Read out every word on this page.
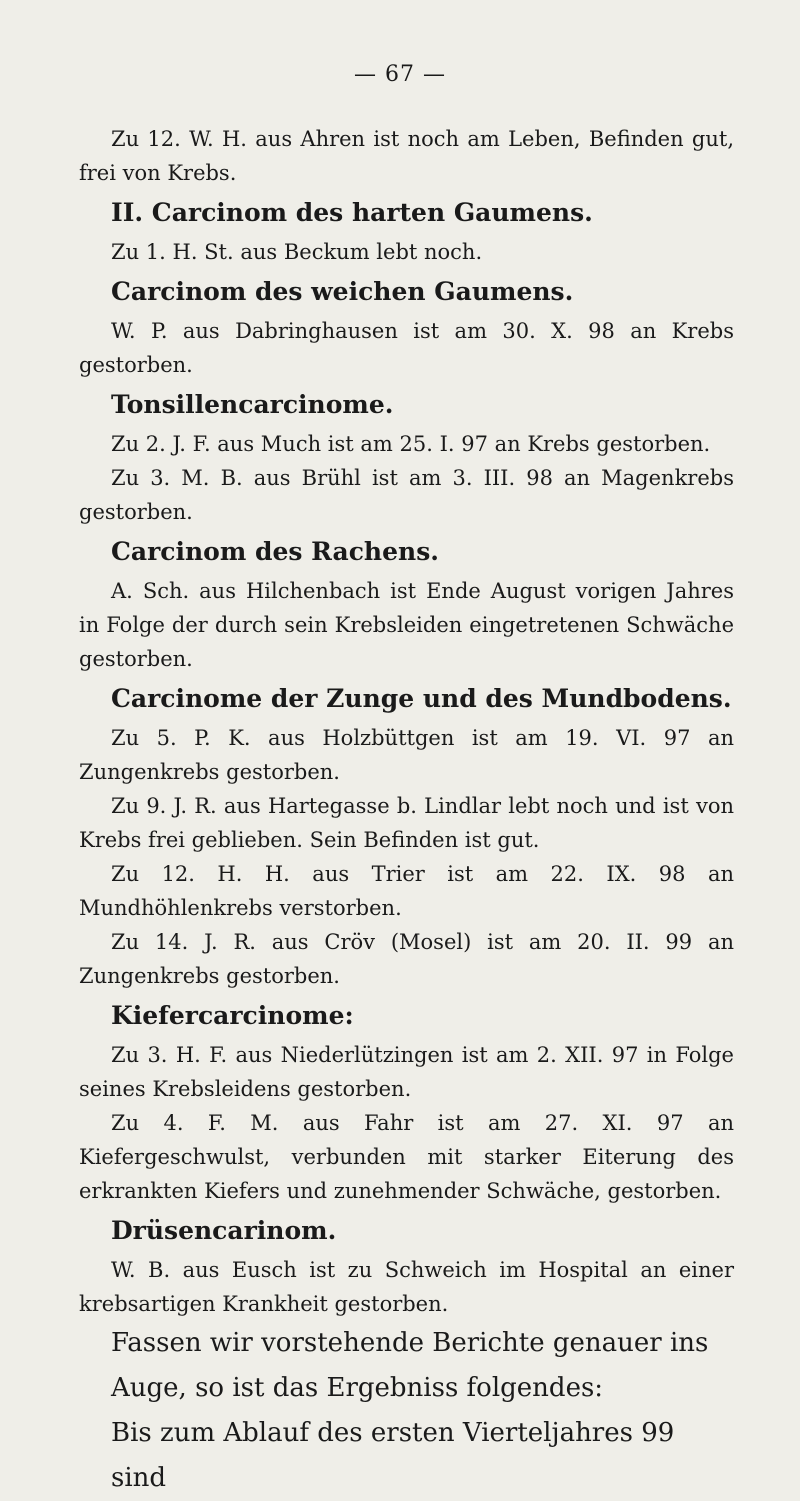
— 67 —

Zu 12. W. H. aus Ahren ist noch am Leben, Befinden gut, frei von Krebs.

II. Carcinom des harten Gaumens.

Zu 1. H. St. aus Beckum lebt noch.

Carcinom des weichen Gaumens.

W. P. aus Dabringhausen ist am 30. X. 98 an Krebs gestorben.

Tonsillencarcinome.

Zu 2. J. F. aus Much ist am 25. I. 97 an Krebs gestorben.

Zu 3. M. B. aus Brühl ist am 3. III. 98 an Magenkrebs gestorben.

Carcinom des Rachens.

A. Sch. aus Hilchenbach ist Ende August vorigen Jahres in Folge der durch sein Krebsleiden eingetretenen Schwäche gestorben.

Carcinome der Zunge und des Mundbodens.

Zu 5. P. K. aus Holzbüttgen ist am 19. VI. 97 an Zungenkrebs gestorben.

Zu 9. J. R. aus Hartegasse b. Lindlar lebt noch und ist von Krebs frei geblieben. Sein Befinden ist gut.

Zu 12. H. H. aus Trier ist am 22. IX. 98 an Mundhöhlenkrebs verstorben.

Zu 14. J. R. aus Cröv (Mosel) ist am 20. II. 99 an Zungenkrebs gestorben.

Kiefercarcinome:

Zu 3. H. F. aus Niederlützingen ist am 2. XII. 97 in Folge seines Krebsleidens gestorben.

Zu 4. F. M. aus Fahr ist am 27. XI. 97 an Kiefergeschwulst, verbunden mit starker Eiterung des erkrankten Kiefers und zunehmender Schwäche, gestorben.

Drüsencarinom.

W. B. aus Eusch ist zu Schweich im Hospital an einer krebsartigen Krankheit gestorben.

Fassen wir vorstehende Berichte genauer ins Auge, so ist das Ergebniss folgendes:

Bis zum Ablauf des ersten Vierteljahres 99 sind
